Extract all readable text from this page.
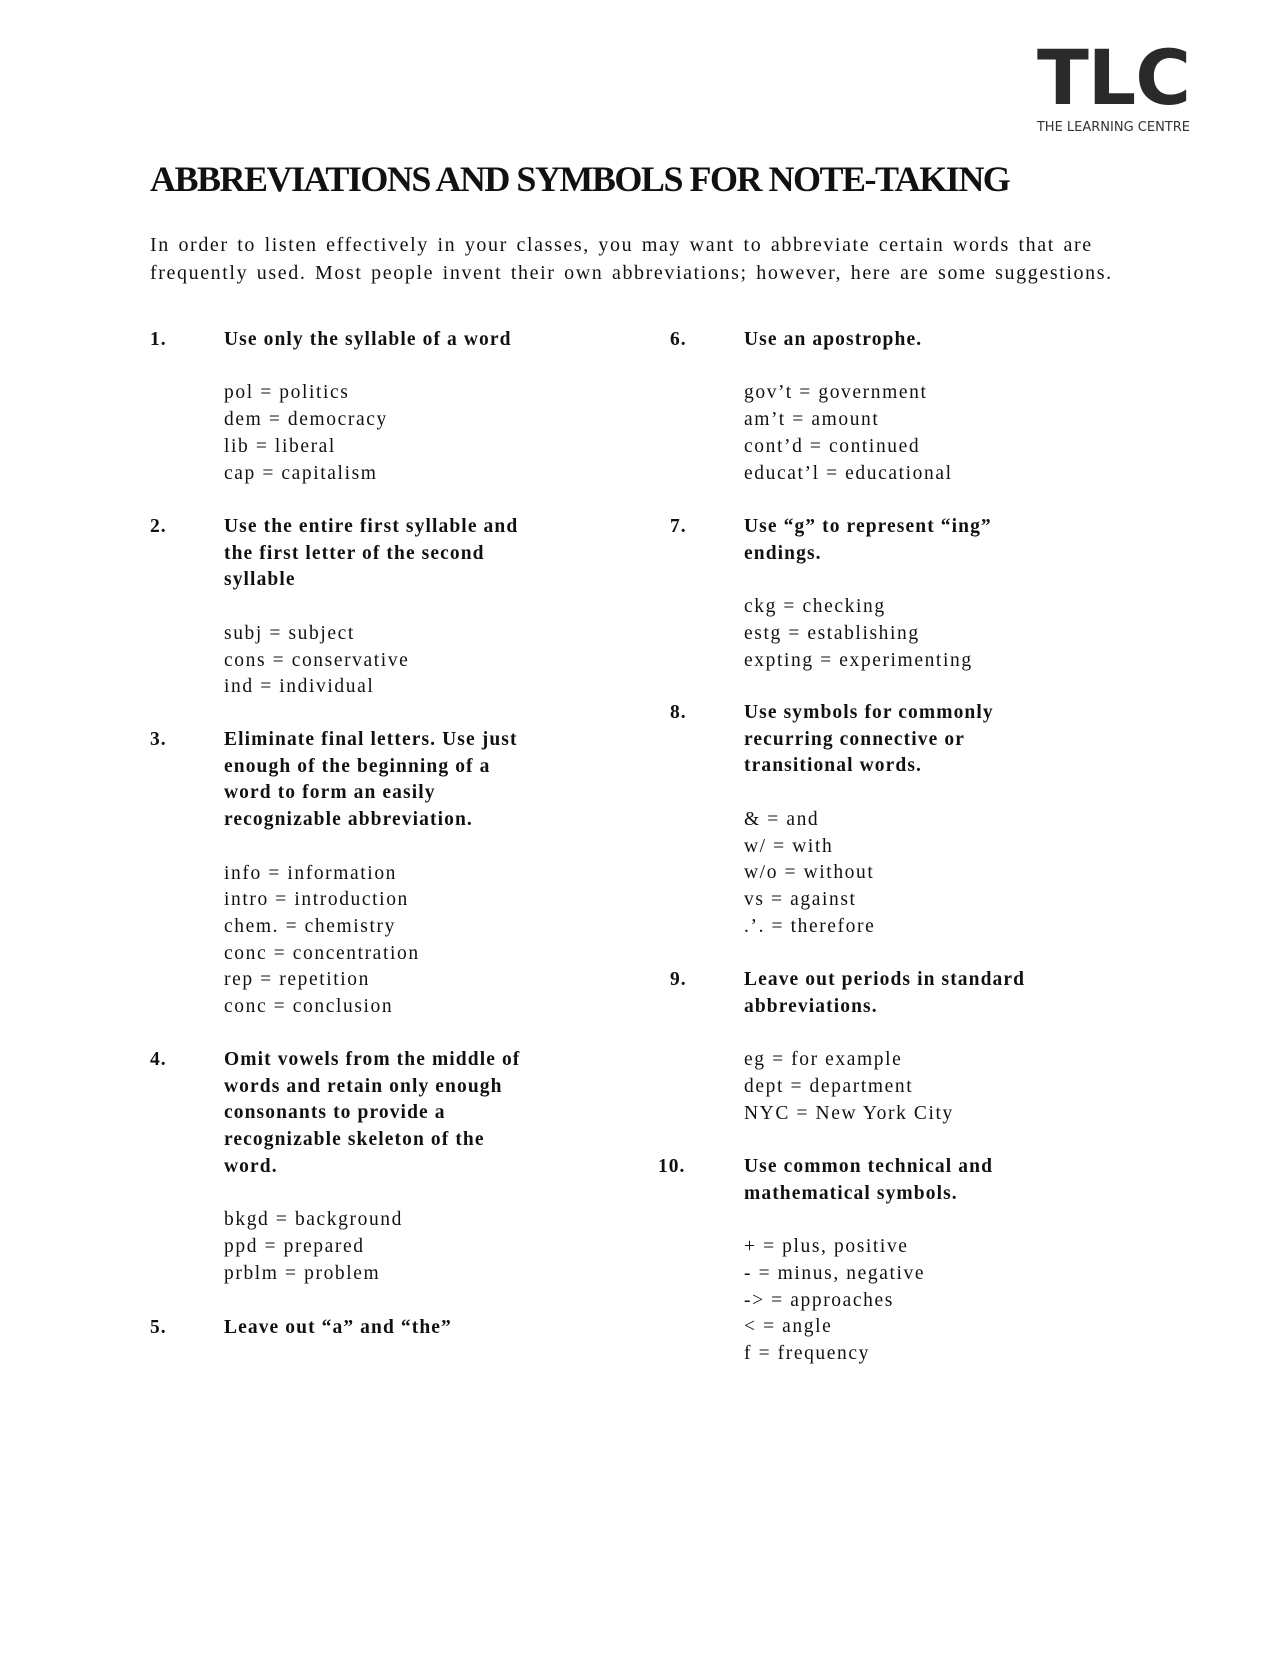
TLC
THE LEARNING CENTRE
ABBREVIATIONS AND SYMBOLS FOR NOTE-TAKING
In order to listen effectively in your classes, you may want to abbreviate certain words that are frequently used. Most people invent their own abbreviations; however, here are some suggestions.
1.	Use only the syllable of a word
pol = politics
dem = democracy
lib = liberal
cap = capitalism
2.	Use the entire first syllable and
the first letter of the second
syllable
subj = subject
cons = conservative
ind = individual
3.	Eliminate final letters. Use just
enough of the beginning of a
word to form an easily
recognizable abbreviation.
info = information
intro = introduction
chem. = chemistry
conc = concentration
rep = repetition
conc = conclusion
4.	Omit vowels from the middle of
words and retain only enough
consonants to provide a
recognizable skeleton of the
word.
bkgd = background
ppd = prepared
prblm = problem
5.	Leave out “a” and “the”
6.	Use an apostrophe.
gov’t = government
am’t = amount
cont’d = continued
educat’l = educational
7.	Use “g” to represent “ing”
endings.
ckg = checking
estg = establishing
expting = experimenting
8.	Use symbols for commonly
recurring connective or
transitional words.
& = and
w/ = with
w/o = without
vs = against
.’. = therefore
9.	Leave out periods in standard
abbreviations.
eg = for example
dept = department
NYC = New York City
10.	Use common technical and
mathematical symbols.
+ = plus, positive
- = minus, negative
-> = approaches
< = angle
f = frequency
